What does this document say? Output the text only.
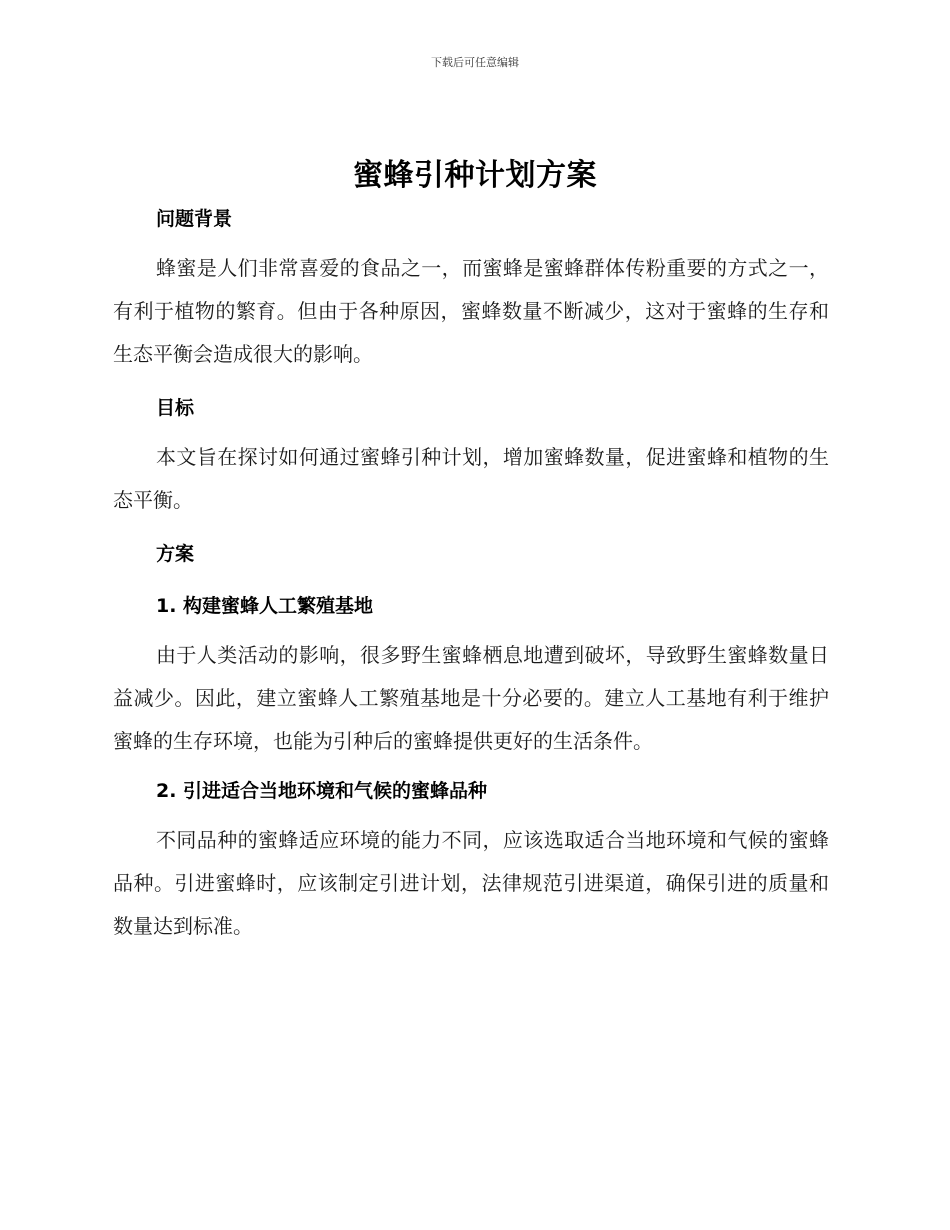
下载后可任意编辑
蜜蜂引种计划方案

问题背景

蜂蜜是人们非常喜爱的食品之一，而蜜蜂是蜜蜂群体传粉重要的方式之一，有利于植物的繁育。但由于各种原因，蜜蜂数量不断减少，这对于蜜蜂的生存和生态平衡会造成很大的影响。

目标

本文旨在探讨如何通过蜜蜂引种计划，增加蜜蜂数量，促进蜜蜂和植物的生态平衡。

方案

1. 构建蜜蜂人工繁殖基地

由于人类活动的影响，很多野生蜜蜂栖息地遭到破坏，导致野生蜜蜂数量日益减少。因此，建立蜜蜂人工繁殖基地是十分必要的。建立人工基地有利于维护蜜蜂的生存环境，也能为引种后的蜜蜂提供更好的生活条件。

2. 引进适合当地环境和气候的蜜蜂品种

不同品种的蜜蜂适应环境的能力不同，应该选取适合当地环境和气候的蜜蜂品种。引进蜜蜂时，应该制定引进计划，法律规范引进渠道，确保引进的质量和数量达到标准。
